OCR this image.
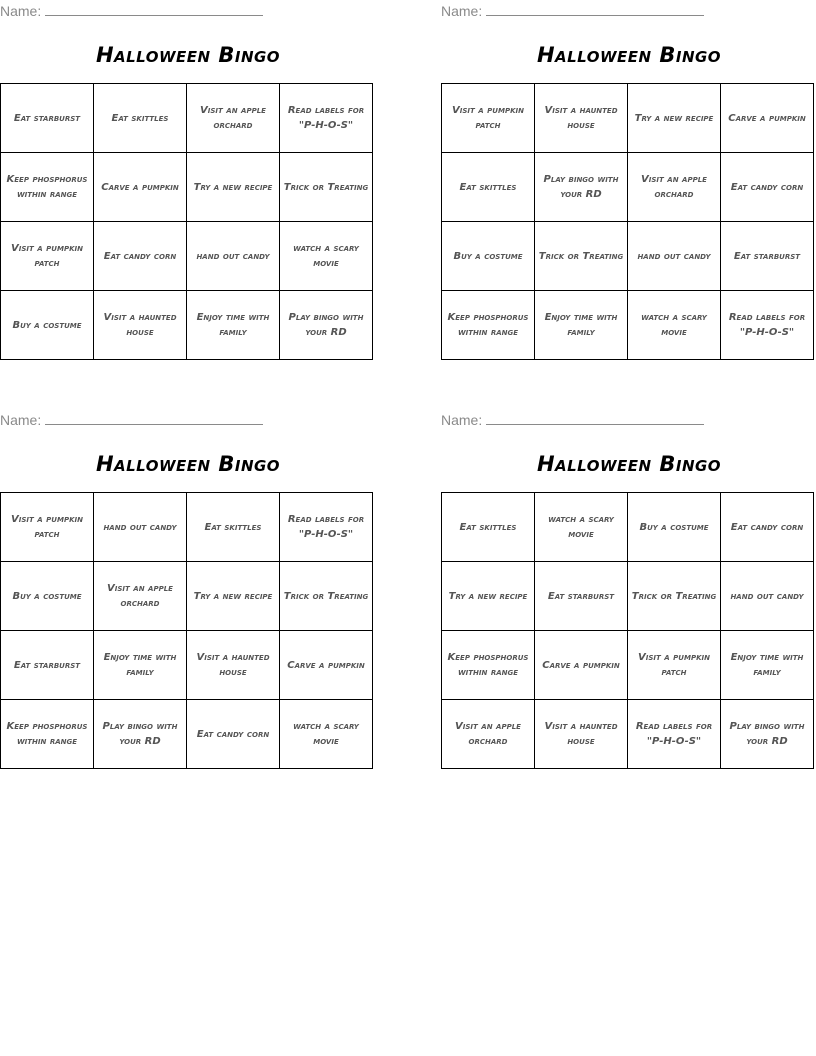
Name:
Halloween Bingo
Eat starburst	Eat skittles	Visit an apple orchard	Read labels for "P-H-O-S"
Keep phosphorus within range	Carve a pumpkin	Try a new recipe	Trick or Treating
Visit a pumpkin patch	Eat candy corn	hand out candy	watch a scary movie
Buy a costume	Visit a haunted house	Enjoy time with family	Play bingo with your RD
Name:
Halloween Bingo
Visit a pumpkin patch	Visit a haunted house	Try a new recipe	Carve a pumpkin
Eat skittles	Play bingo with your RD	Visit an apple orchard	Eat candy corn
Buy a costume	Trick or Treating	hand out candy	Eat starburst
Keep phosphorus within range	Enjoy time with family	watch a scary movie	Read labels for "P-H-O-S"
Name:
Halloween Bingo
Visit a pumpkin patch	hand out candy	Eat skittles	Read labels for "P-H-O-S"
Buy a costume	Visit an apple orchard	Try a new recipe	Trick or Treating
Eat starburst	Enjoy time with family	Visit a haunted house	Carve a pumpkin
Keep phosphorus within range	Play bingo with your RD	Eat candy corn	watch a scary movie
Name:
Halloween Bingo
Eat skittles	watch a scary movie	Buy a costume	Eat candy corn
Try a new recipe	Eat starburst	Trick or Treating	hand out candy
Keep phosphorus within range	Carve a pumpkin	Visit a pumpkin patch	Enjoy time with family
Visit an apple orchard	Visit a haunted house	Read labels for "P-H-O-S"	Play bingo with your RD
